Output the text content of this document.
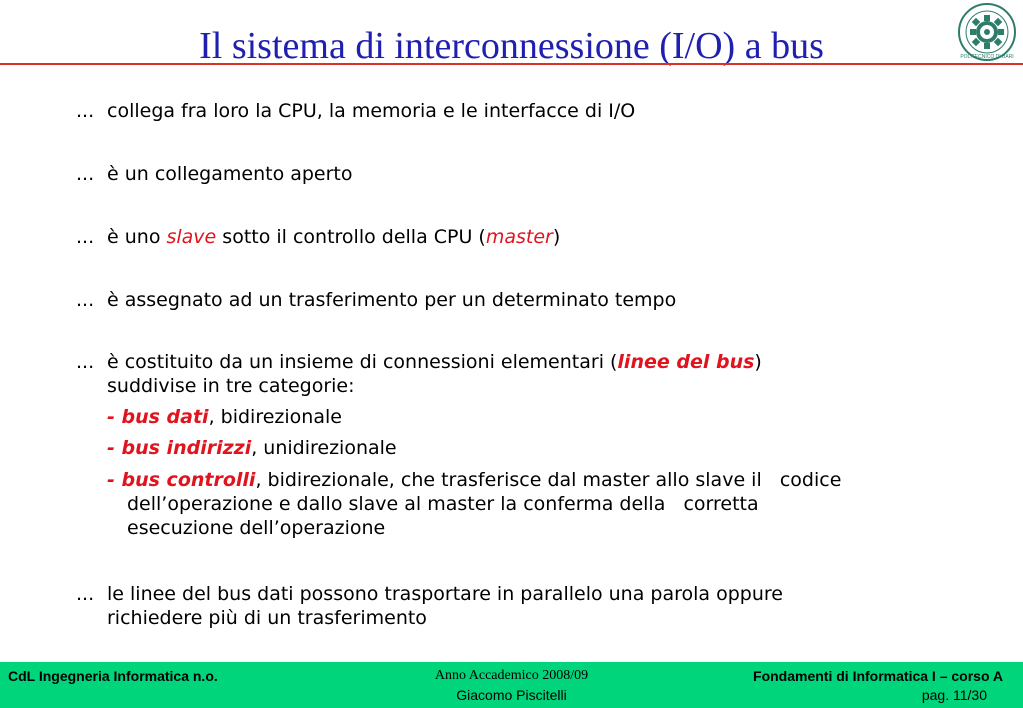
Il sistema di interconnessione (I/O) a bus	POLITECNICO DI BARI
... collega fra loro la CPU, la memoria e le interfacce di I/O
... è un collegamento aperto
... è uno slave sotto il controllo della CPU (master)
... è assegnato ad un trasferimento per un determinato tempo
... è costituito da un insieme di connessioni elementari (linee del bus)
suddivise in tre categorie:
- bus dati, bidirezionale
- bus indirizzi, unidirezionale
- bus controlli, bidirezionale, che trasferisce dal master allo slave il   codice
dell’operazione e dallo slave al master la conferma della   corretta
esecuzione dell’operazione
... le linee del bus dati possono trasportare in parallelo una parola oppure
richiedere più di un trasferimento
CdL Ingegneria Informatica n.o.	Anno Accademico 2008/09
Giacomo Piscitelli
Fondamenti di Informatica I – corso A
pag. 11/30
